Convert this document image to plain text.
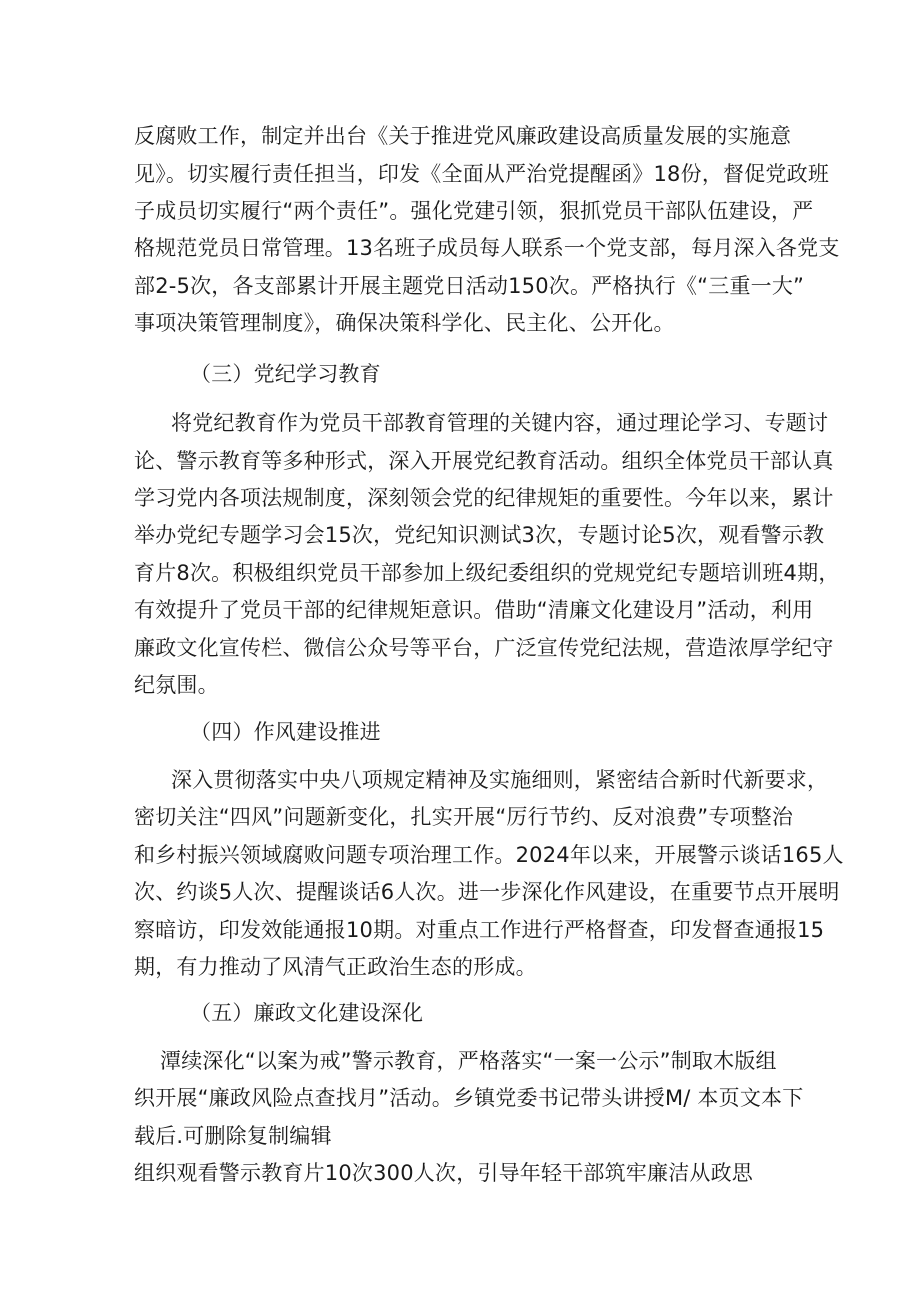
反腐败工作，制定并出台《关于推进党风廉政建设高质量发展的实施意
见》。切实履行责任担当，印发《全面从严治党提醒函》18份，督促党政班
子成员切实履行“两个责任”。强化党建引领，狠抓党员干部队伍建设，严
格规范党员日常管理。13名班子成员每人联系一个党支部，每月深入各党支
部2-5次，各支部累计开展主题党日活动150次。严格执行《“三重一大”
事项决策管理制度》，确保决策科学化、民主化、公开化。
（三）党纪学习教育
将党纪教育作为党员干部教育管理的关键内容，通过理论学习、专题讨
论、警示教育等多种形式，深入开展党纪教育活动。组织全体党员干部认真
学习党内各项法规制度，深刻领会党的纪律规矩的重要性。今年以来，累计
举办党纪专题学习会15次，党纪知识测试3次，专题讨论5次，观看警示教
育片8次。积极组织党员干部参加上级纪委组织的党规党纪专题培训班4期，
有效提升了党员干部的纪律规矩意识。借助“清廉文化建设月”活动，利用
廉政文化宣传栏、微信公众号等平台，广泛宣传党纪法规，营造浓厚学纪守
纪氛围。
（四）作风建设推进
深入贯彻落实中央八项规定精神及实施细则，紧密结合新时代新要求，
密切关注“四风”问题新变化，扎实开展“厉行节约、反对浪费”专项整治
和乡村振兴领域腐败问题专项治理工作。2024年以来，开展警示谈话165人
次、约谈5人次、提醒谈话6人次。进一步深化作风建设，在重要节点开展明
察暗访，印发效能通报10期。对重点工作进行严格督查，印发督查通报15
期，有力推动了风清气正政治生态的形成。
（五）廉政文化建设深化
潭续深化“以案为戒”警示教育，严格落实“一案一公示”制取木版组
织开展“廉政风险点查找月”活动。乡镇党委书记带头讲授M/ 本页文本下
载后.可删除复制编辑
组织观看警示教育片10次300人次，引导年轻干部筑牢廉洁从政思
